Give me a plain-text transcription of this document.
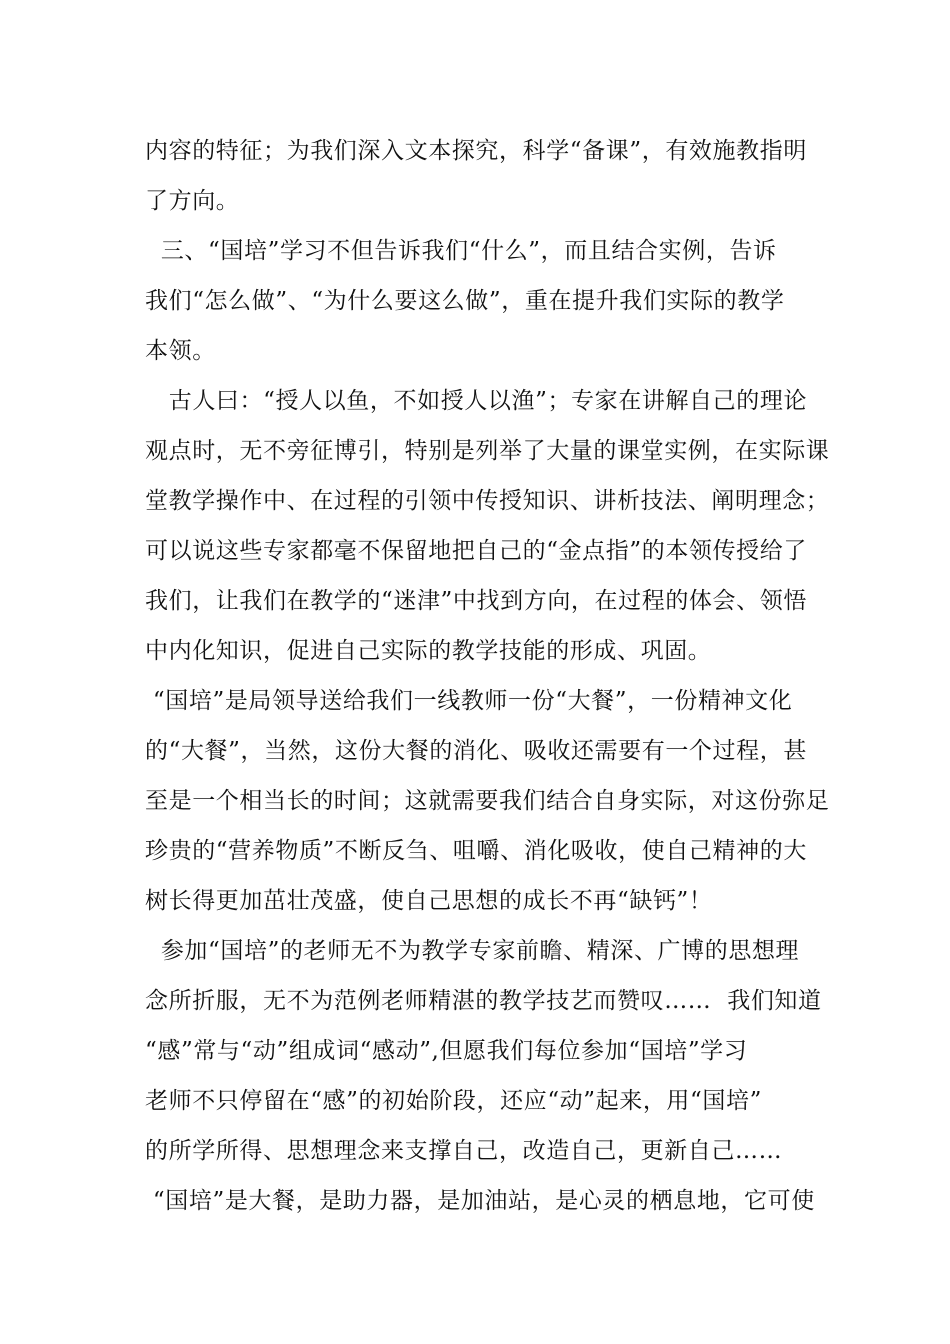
内容的特征；为我们深入文本探究，科学“备课”，有效施教指明
了方向。
三、“国培”学习不但告诉我们“什么”，而且结合实例，告诉
我们“怎么做”、“为什么要这么做”，重在提升我们实际的教学
本领。
古人曰：“授人以鱼，不如授人以渔”；专家在讲解自己的理论
观点时，无不旁征博引，特别是列举了大量的课堂实例，在实际课
堂教学操作中、在过程的引领中传授知识、讲析技法、阐明理念；
可以说这些专家都毫不保留地把自己的“金点指”的本领传授给了
我们，让我们在教学的“迷津”中找到方向，在过程的体会、领悟
中内化知识，促进自己实际的教学技能的形成、巩固。
“国培”是局领导送给我们一线教师一份“大餐”，一份精神文化
的“大餐”，当然，这份大餐的消化、吸收还需要有一个过程，甚
至是一个相当长的时间；这就需要我们结合自身实际，对这份弥足
珍贵的“营养物质”不断反刍、咀嚼、消化吸收，使自己精神的大
树长得更加茁壮茂盛，使自己思想的成长不再“缺钙”！
参加“国培”的老师无不为教学专家前瞻、精深、广博的思想理
念所折服，无不为范例老师精湛的教学技艺而赞叹……  我们知道
“感”常与“动”组成词“感动”,但愿我们每位参加“国培”学习
老师不只停留在“感”的初始阶段，还应“动”起来，用“国培”
的所学所得、思想理念来支撑自己，改造自己，更新自己……
“国培”是大餐，是助力器，是加油站，是心灵的栖息地，它可使
